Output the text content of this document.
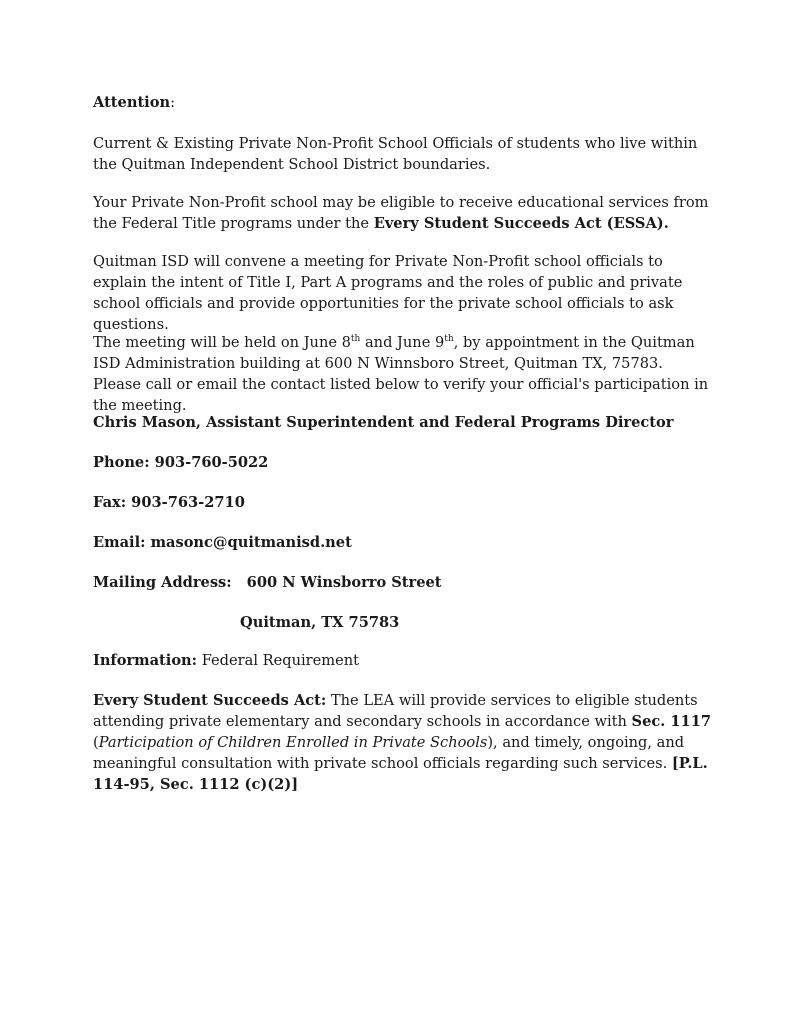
Attention:

Current & Existing Private Non-Profit School Officials of students who live within the Quitman Independent School District boundaries.

Your Private Non-Profit school may be eligible to receive educational services from the Federal Title programs under the Every Student Succeeds Act (ESSA).

Quitman ISD will convene a meeting for Private Non-Profit school officials to explain the intent of Title I, Part A programs and the roles of public and private school officials and provide opportunities for the private school officials to ask questions.

The meeting will be held on June 8th and June 9th, by appointment in the Quitman ISD Administration building at 600 N Winnsboro Street, Quitman TX, 75783. Please call or email the contact listed below to verify your official's participation in the meeting.

Chris Mason, Assistant Superintendent and Federal Programs Director

Phone: 903-760-5022

Fax: 903-763-2710

Email: masonc@quitmanisd.net

Mailing Address: 600 N Winsborro Street

Quitman, TX 75783

Information: Federal Requirement

Every Student Succeeds Act: The LEA will provide services to eligible students attending private elementary and secondary schools in accordance with Sec. 1117 (Participation of Children Enrolled in Private Schools), and timely, ongoing, and meaningful consultation with private school officials regarding such services. [P.L. 114-95, Sec. 1112 (c)(2)]
